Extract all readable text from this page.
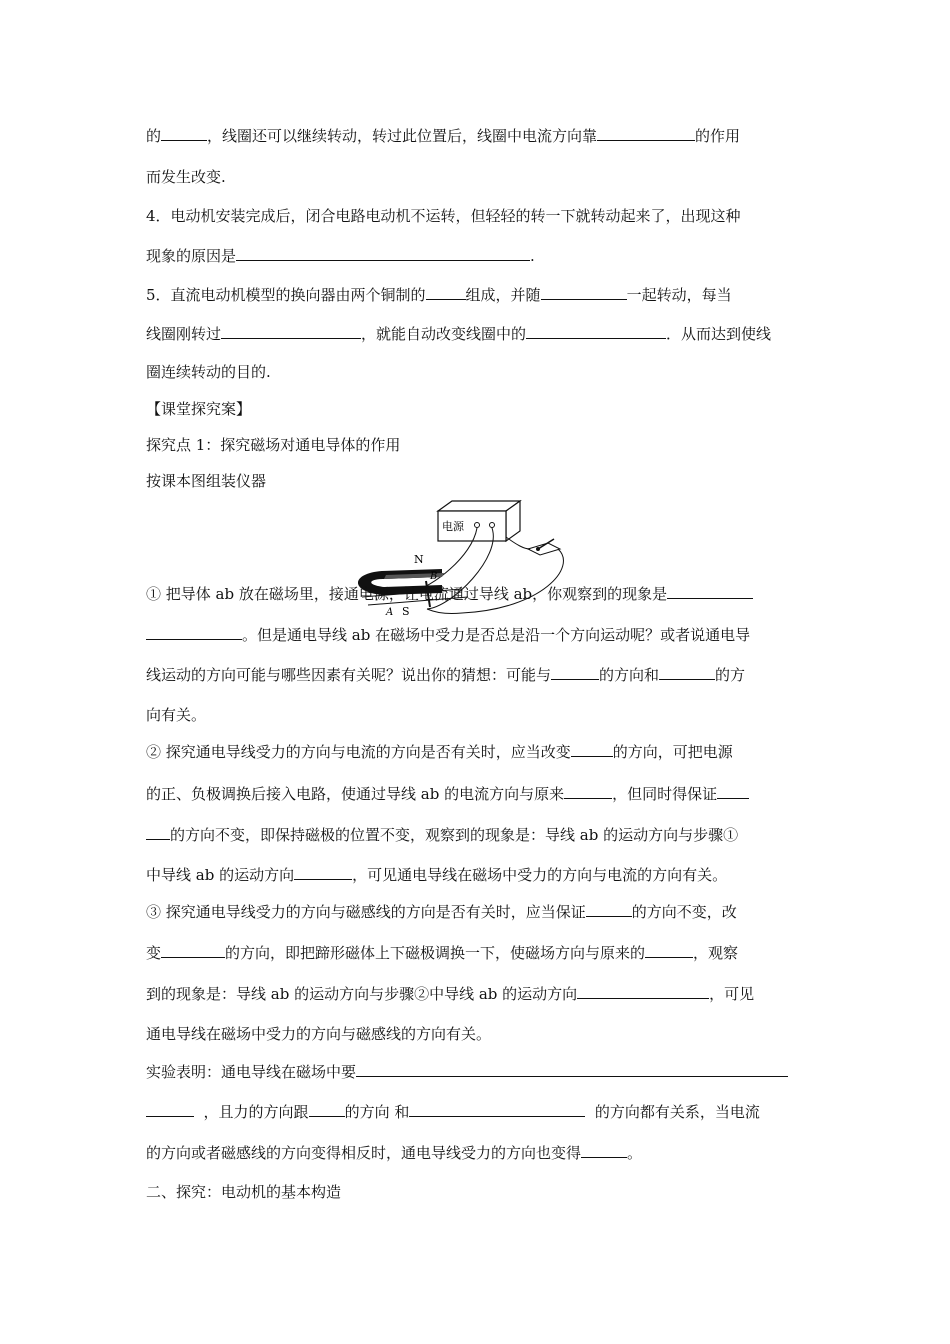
的	，线圈还可以继续转动，转过此位置后，线圈中电流方向靠	的作用
而发生改变.
4．电动机安装完成后，闭合电路电动机不运转，但轻轻的转一下就转动起来了，出现这种
现象的原因是	.
5．直流电动机模型的换向器由两个铜制的	组成，并随	一起转动，每当
线圈刚转过	，就能自动改变线圈中的	．从而达到使线
圈连续转动的目的.
【课堂探究案】
探究点 1：探究磁场对通电导体的作用
按课本图组装仪器
电源
N
S
B
A
① 把导体 ab 放在磁场里，接通电源，让电流通过导线 ab，你观察到的现象是
。但是通电导线 ab 在磁场中受力是否总是沿一个方向运动呢？或者说通电导
线运动的方向可能与哪些因素有关呢？说出你的猜想：可能与	的方向和	的方
向有关。
② 探究通电导线受力的方向与电流的方向是否有关时，应当改变	的方向，可把电源
的正、负极调换后接入电路，使通过导线 ab 的电流方向与原来	，但同时得保证
的方向不变，即保持磁极的位置不变，观察到的现象是：导线 ab 的运动方向与步骤①
中导线 ab 的运动方向	，可见通电导线在磁场中受力的方向与电流的方向有关。
③ 探究通电导线受力的方向与磁感线的方向是否有关时，应当保证	的方向不变，改
变	的方向，即把蹄形磁体上下磁极调换一下，使磁场方向与原来的	，观察
到的现象是：导线 ab 的运动方向与步骤②中导线 ab 的运动方向	，可见
通电导线在磁场中受力的方向与磁感线的方向有关。
实验表明：通电导线在磁场中要
，且力的方向跟 的方向 和	的方向都有关系，当电流
的方向或者磁感线的方向变得相反时，通电导线受力的方向也变得	。
二、探究：电动机的基本构造
